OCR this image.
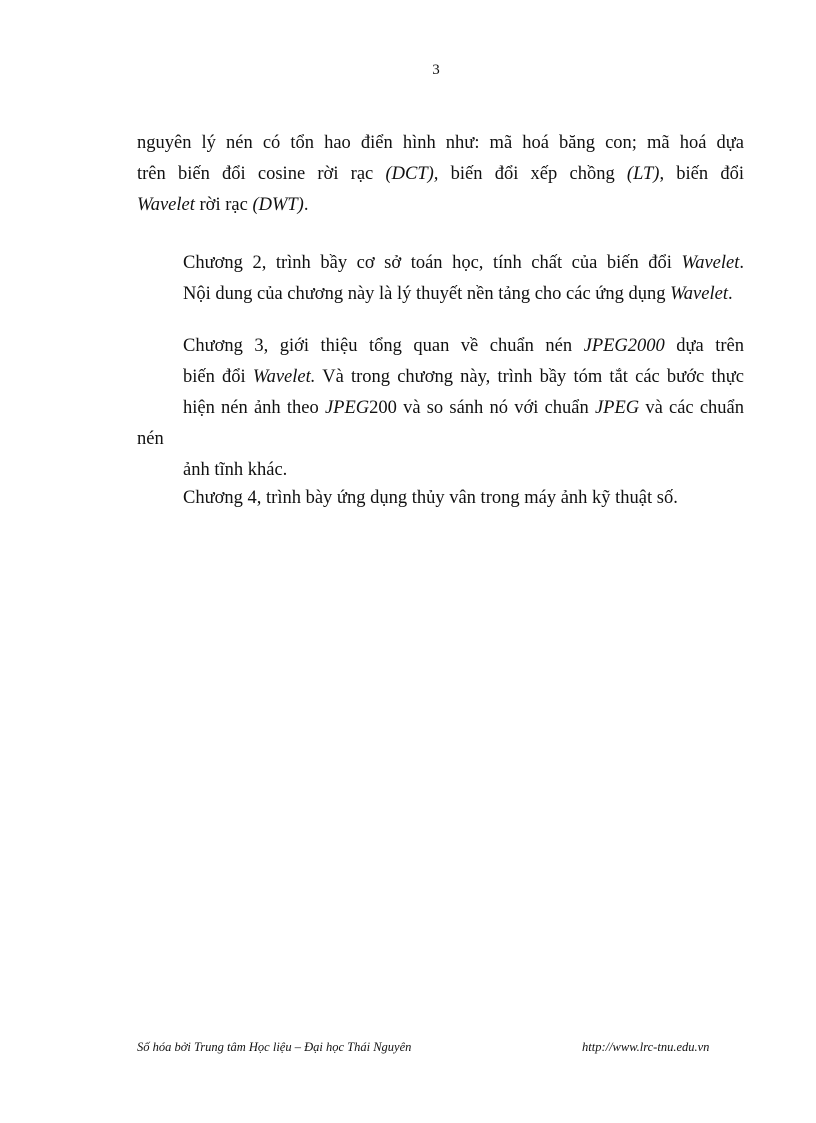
3

nguyên lý nén có tổn hao điển hình như: mã hoá băng con; mã hoá dựa
trên biến đổi cosine rời rạc (DCT), biến đổi xếp chồng (LT), biến đổi
Wavelet rời rạc (DWT).

Chương 2, trình bầy cơ sở toán học, tính chất của biến đổi Wavelet.
Nội dung của chương này là lý thuyết nền tảng cho các ứng dụng Wavelet.

Chương 3, giới thiệu tổng quan về chuẩn nén JPEG2000 dựa trên
biến đổi Wavelet. Và trong chương này, trình bầy tóm tắt các bước thực
hiện nén ảnh theo JPEG200 và so sánh nó với chuẩn JPEG và các chuẩn nén
ảnh tĩnh khác.

Chương 4, trình bày ứng dụng thủy vân trong máy ảnh kỹ thuật số.

Số hóa bởi Trung tâm Học liệu – Đại học Thái Nguyên	http://www.lrc-tnu.edu.vn
